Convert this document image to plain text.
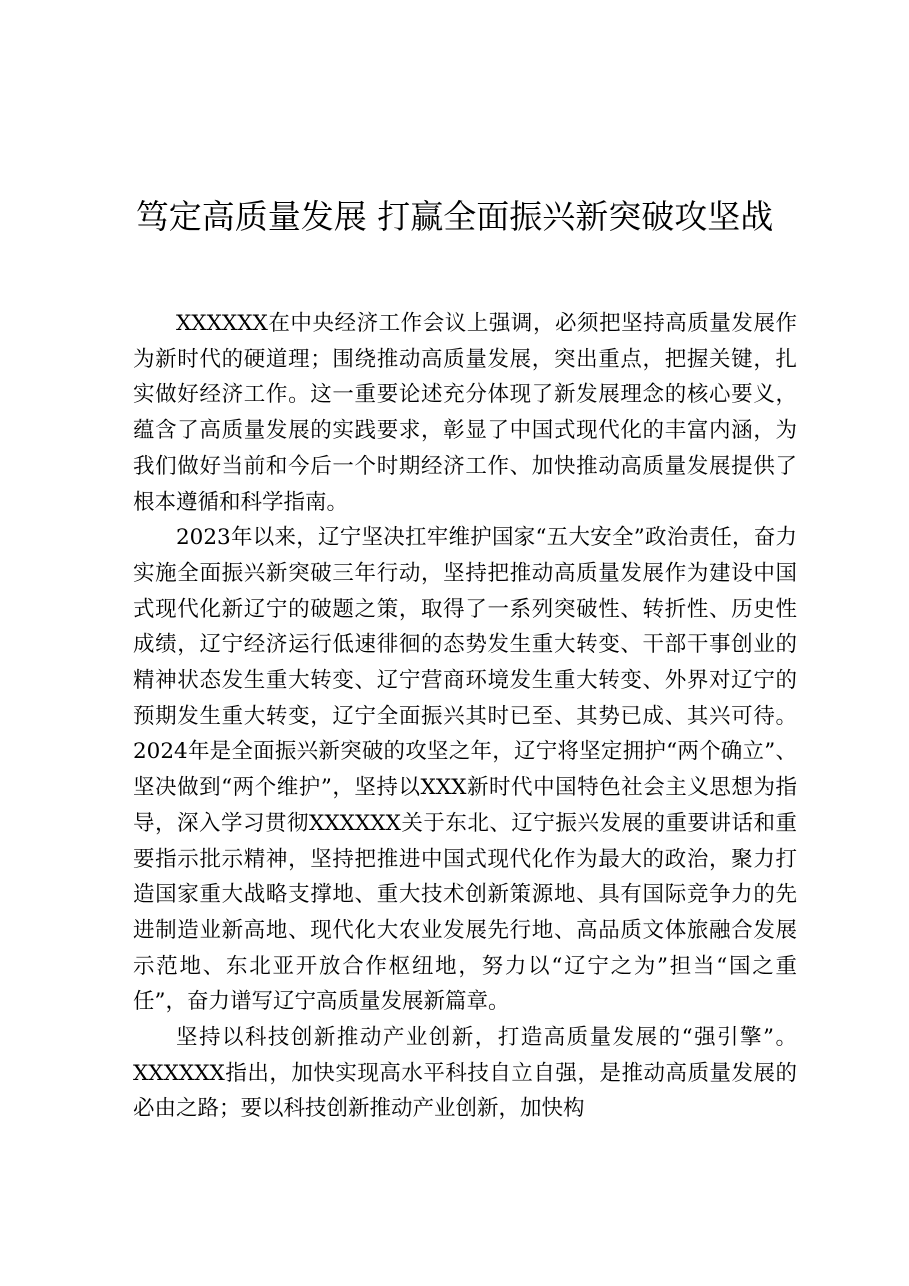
笃定高质量发展 打赢全面振兴新突破攻坚战

XXXXXX在中央经济工作会议上强调，必须把坚持高质量发展作为新时代的硬道理；围绕推动高质量发展，突出重点，把握关键，扎实做好经济工作。这一重要论述充分体现了新发展理念的核心要义，蕴含了高质量发展的实践要求，彰显了中国式现代化的丰富内涵，为我们做好当前和今后一个时期经济工作、加快推动高质量发展提供了根本遵循和科学指南。

2023年以来，辽宁坚决扛牢维护国家“五大安全”政治责任，奋力实施全面振兴新突破三年行动，坚持把推动高质量发展作为建设中国式现代化新辽宁的破题之策，取得了一系列突破性、转折性、历史性成绩，辽宁经济运行低速徘徊的态势发生重大转变、干部干事创业的精神状态发生重大转变、辽宁营商环境发生重大转变、外界对辽宁的预期发生重大转变，辽宁全面振兴其时已至、其势已成、其兴可待。2024年是全面振兴新突破的攻坚之年，辽宁将坚定拥护“两个确立”、坚决做到“两个维护”，坚持以XXX新时代中国特色社会主义思想为指导，深入学习贯彻XXXXXX关于东北、辽宁振兴发展的重要讲话和重要指示批示精神，坚持把推进中国式现代化作为最大的政治，聚力打造国家重大战略支撑地、重大技术创新策源地、具有国际竞争力的先进制造业新高地、现代化大农业发展先行地、高品质文体旅融合发展示范地、东北亚开放合作枢纽地，努力以“辽宁之为”担当“国之重任”，奋力谱写辽宁高质量发展新篇章。

坚持以科技创新推动产业创新，打造高质量发展的“强引擎”。XXXXXX指出，加快实现高水平科技自立自强，是推动高质量发展的必由之路；要以科技创新推动产业创新，加快构
